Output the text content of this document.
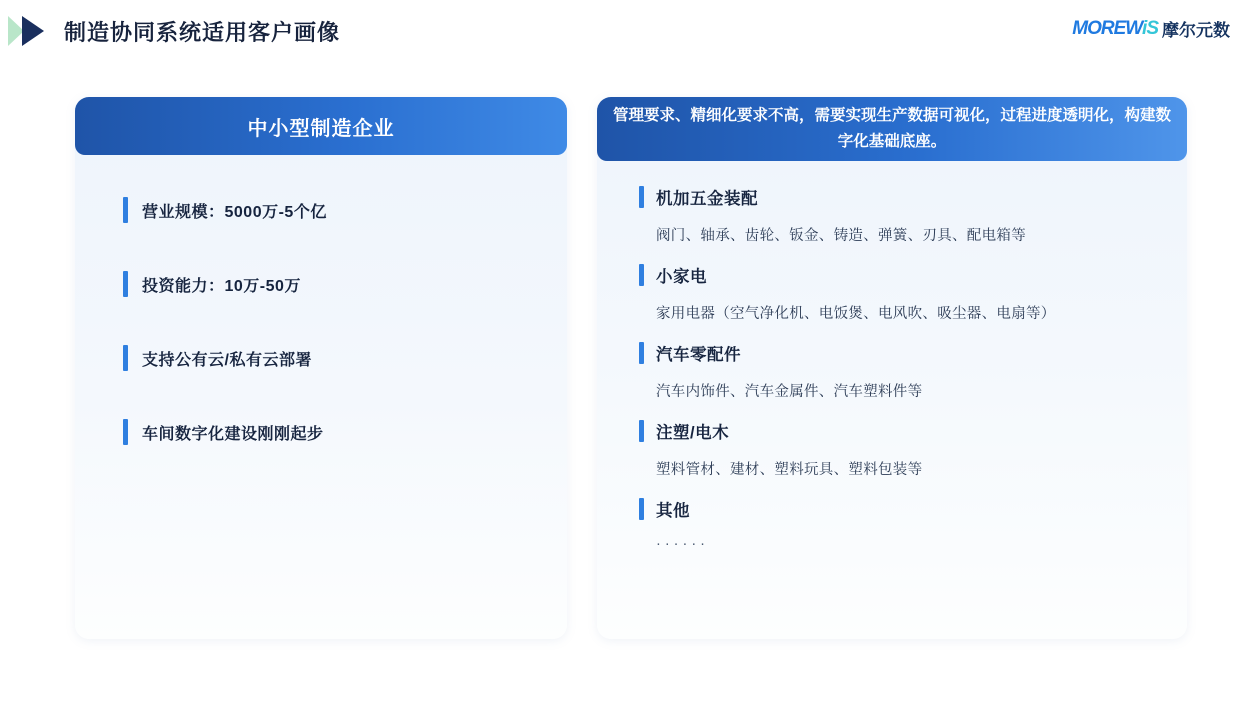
制造协同系统适用客户画像	MOREWiS 摩尔元数
中小型制造企业
营业规模：5000万-5个亿
投资能力：10万-50万
支持公有云/私有云部署
车间数字化建设刚刚起步
管理要求、精细化要求不高，需要实现生产数据可视化，过程进度透明化，构建数字化基础底座。
机加五金装配
阀门、轴承、齿轮、钣金、铸造、弹簧、刃具、配电箱等
小家电
家用电器（空气净化机、电饭煲、电风吹、吸尘器、电扇等）
汽车零配件
汽车内饰件、汽车金属件、汽车塑料件等
注塑/电木
塑料管材、建材、塑料玩具、塑料包装等
其他
······
